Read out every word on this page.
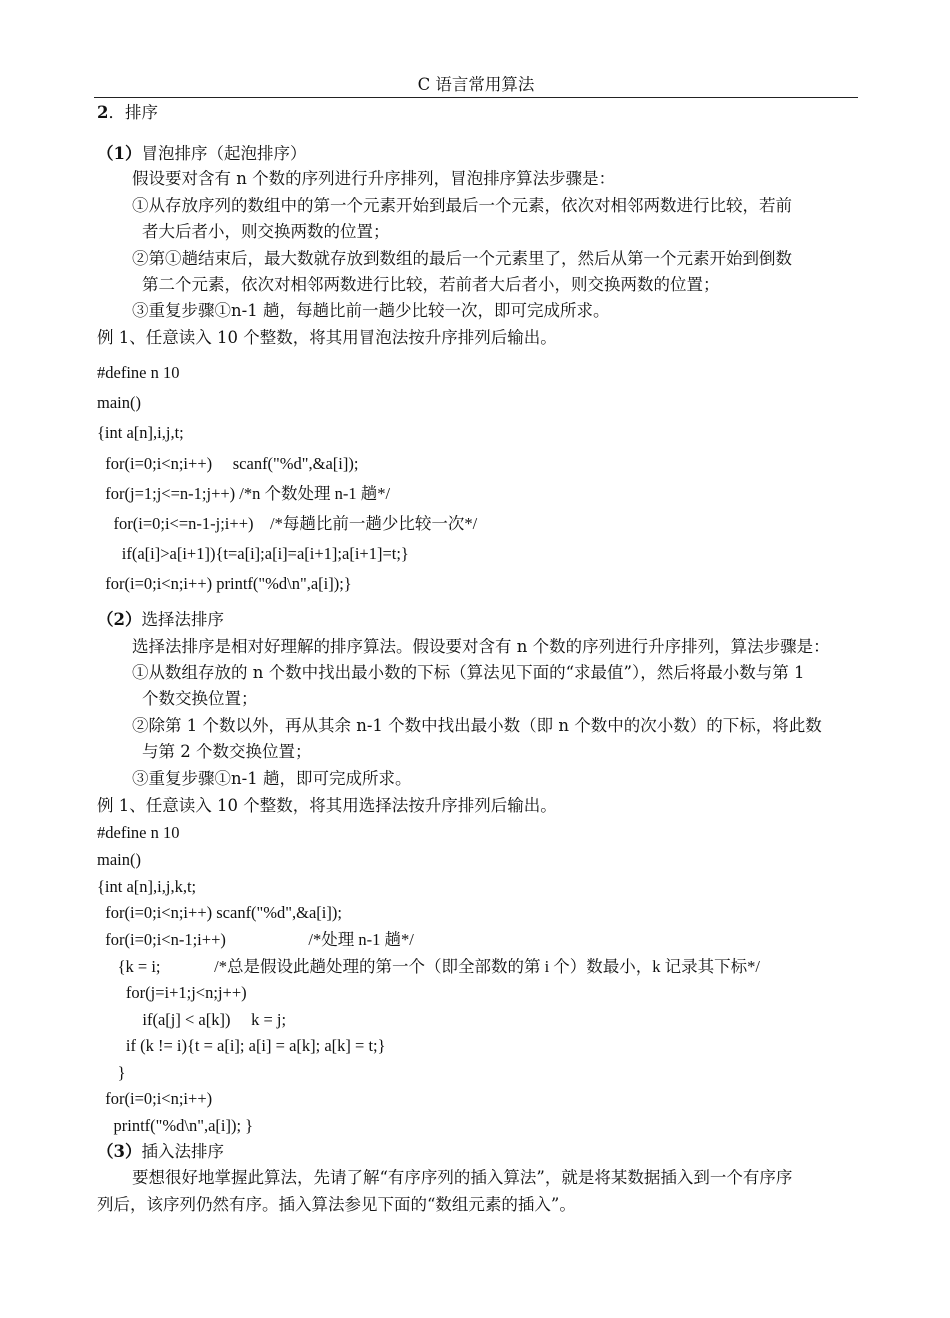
C 语言常用算法
2．排序
（1）冒泡排序（起泡排序）
假设要对含有 n 个数的序列进行升序排列，冒泡排序算法步骤是：
①从存放序列的数组中的第一个元素开始到最后一个元素，依次对相邻两数进行比较，若前
者大后者小，则交换两数的位置；
②第①趟结束后，最大数就存放到数组的最后一个元素里了，然后从第一个元素开始到倒数
第二个元素，依次对相邻两数进行比较，若前者大后者小，则交换两数的位置；
③重复步骤①n-1 趟，每趟比前一趟少比较一次，即可完成所求。
例 1、任意读入 10 个整数，将其用冒泡法按升序排列后输出。
#define n 10
main()
{int a[n],i,j,t;
for(i=0;i<n;i++)     scanf("%d",&a[i]);
for(j=1;j<=n-1;j++) /*n 个数处理 n-1 趟*/
for(i=0;i<=n-1-j;i++)    /*每趟比前一趟少比较一次*/
if(a[i]>a[i+1]){t=a[i];a[i]=a[i+1];a[i+1]=t;}
for(i=0;i<n;i++) printf("%d\n",a[i]);}
（2）选择法排序
选择法排序是相对好理解的排序算法。假设要对含有 n 个数的序列进行升序排列，算法步骤是：
①从数组存放的 n 个数中找出最小数的下标（算法见下面的“求最值”），然后将最小数与第 1
个数交换位置；
②除第 1 个数以外，再从其余 n-1 个数中找出最小数（即 n 个数中的次小数）的下标，将此数
与第 2 个数交换位置；
③重复步骤①n-1 趟，即可完成所求。
例 1、任意读入 10 个整数，将其用选择法按升序排列后输出。
#define n 10
main()
{int a[n],i,j,k,t;
for(i=0;i<n;i++) scanf("%d",&a[i]);
for(i=0;i<n-1;i++)                    /*处理 n-1 趟*/
{k = i;             /*总是假设此趟处理的第一个（即全部数的第 i 个）数最小，k 记录其下标*/
for(j=i+1;j<n;j++)
if(a[j] < a[k])     k = j;
if (k != i){t = a[i]; a[i] = a[k]; a[k] = t;}
}
for(i=0;i<n;i++)
printf("%d\n",a[i]); }
（3）插入法排序
要想很好地掌握此算法，先请了解“有序序列的插入算法”，就是将某数据插入到一个有序序
列后，该序列仍然有序。插入算法参见下面的“数组元素的插入”。
